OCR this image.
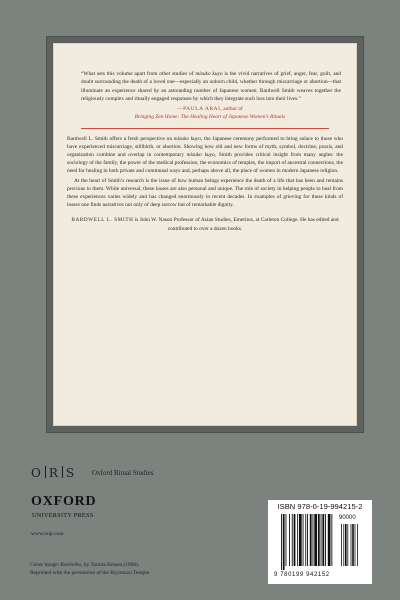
“What sets this volume apart from other studies of mizuko kuyo is the vivid narratives of grief, anger, fear, guilt, and doubt surrounding the death of a loved one—especially an unborn child, whether through miscarriage or abortion—that illuminate an experience shared by an astounding number of Japanese women. Bardwell Smith weaves together the religiously complex and ritually engaged responses by which they integrate such loss into their lives.”

—PAULA ARAI, author of
Bringing Zen Home: The Healing Heart of Japanese Women’s Rituals

Bardwell L. Smith offers a fresh perspective on mizuko kuyo, the Japanese ceremony performed to bring solace to those who have experienced miscarriage, stillbirth, or abortion. Showing how old and new forms of myth, symbol, doctrine, praxis, and organization combine and overlap in contemporary mizuko kuyo, Smith provides critical insight from many angles: the sociology of the family, the power of the medical profession, the economics of temples, the import of ancestral connections, the need for healing in both private and communal ways and, perhaps above all, the place of women in modern Japanese religion.

At the heart of Smith’s research is the issue of how human beings experience the death of a life that has been and remains precious to them. While universal, these losses are also personal and unique. The role of society in helping people to heal from these experiences varies widely and has changed enormously in recent decades. In examples of grieving for these kinds of losses one finds narratives not only of deep sorrow but of remarkable dignity.

BARDWELL L. SMITH is John W. Nason Professor of Asian Studies, Emeritus, at Carleton College. He has edited and contributed to over a dozen books.
O R S Oxford Ritual Studies
OXFORD
UNIVERSITY PRESS
www.oup.com
Cover image: Karitetho, by Tomita Keisen (1908).
Reprinted with the permission of the Kiyomizu Temple.
ISBN 978-0-19-994215-2
9 780199 942152
90000
